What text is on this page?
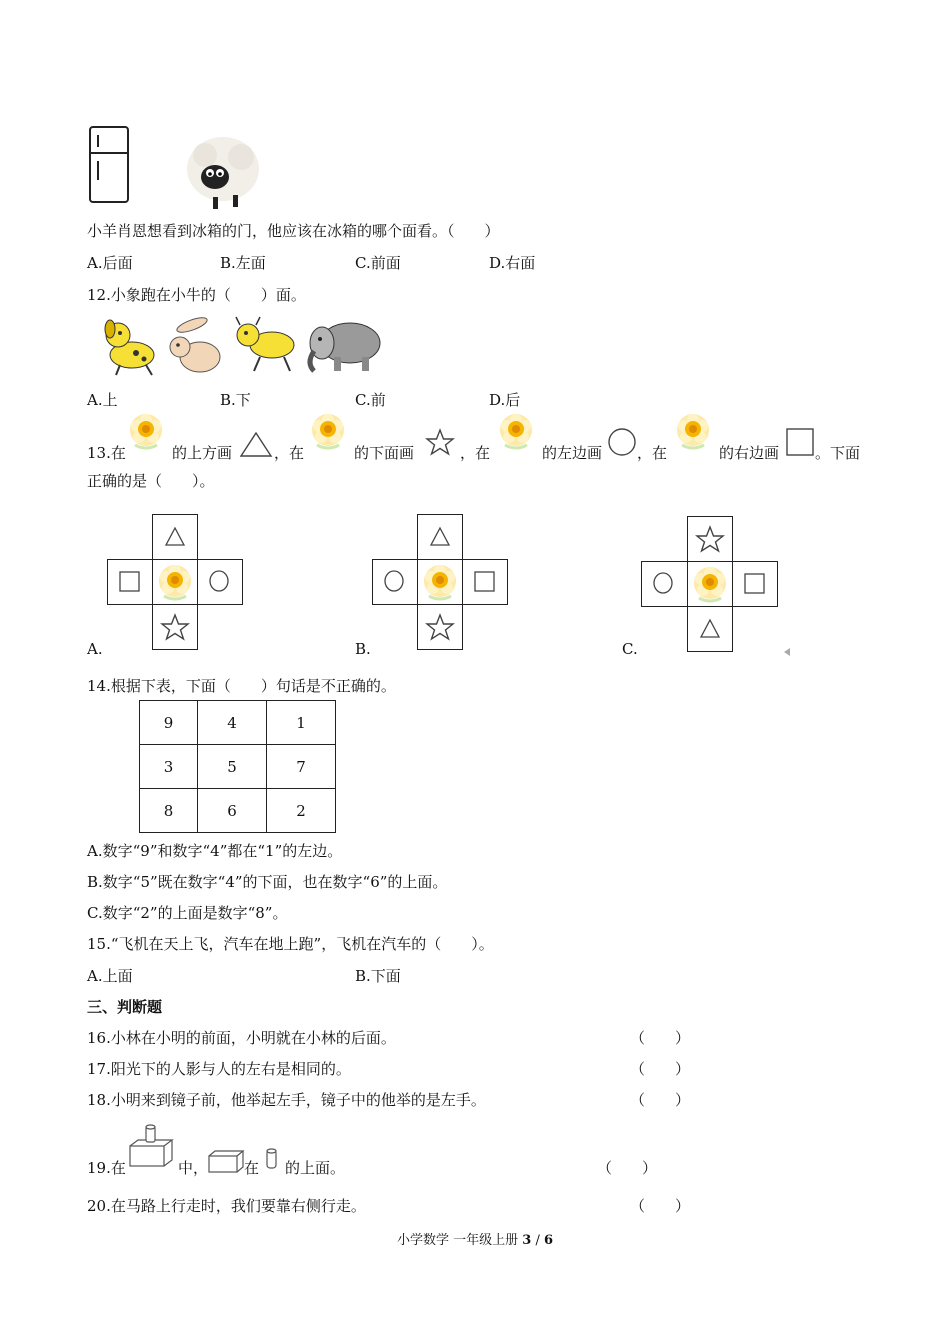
小羊肖恩想看到冰箱的门，他应该在冰箱的哪个面看。（　　）
A.后面	B.左面	C.前面	D.右面
12.小象跑在小牛的（　　）面。
A.上	B.下	C.前	D.后
13.在	的上方画	，在	的下面画	，在	的左边画 ，在	的右边画 。下面
正确的是（　　）。
A.	B.	C.
14.根据下表，下面（　　）句话是不正确的。
9	4	1
3	5	7
8	6	2
A.数字“9”和数字“4”都在“1”的左边。
B.数字“5”既在数字“4”的下面，也在数字“6”的上面。
C.数字“2”的上面是数字“8”。
15.“飞机在天上飞，汽车在地上跑”，飞机在汽车的（　　）。
A.上面	B.下面
三、判断题
16.小林在小明的前面，小明就在小林的后面。	（　　）
17.阳光下的人影与人的左右是相同的。	（　　）
18.小明来到镜子前，他举起左手，镜子中的他举的是左手。	（　　）
19.在	中， 在 的上面。	（　　）
20.在马路上行走时，我们要靠右侧行走。	（　　）
小学数学 一年级上册 3 / 6
